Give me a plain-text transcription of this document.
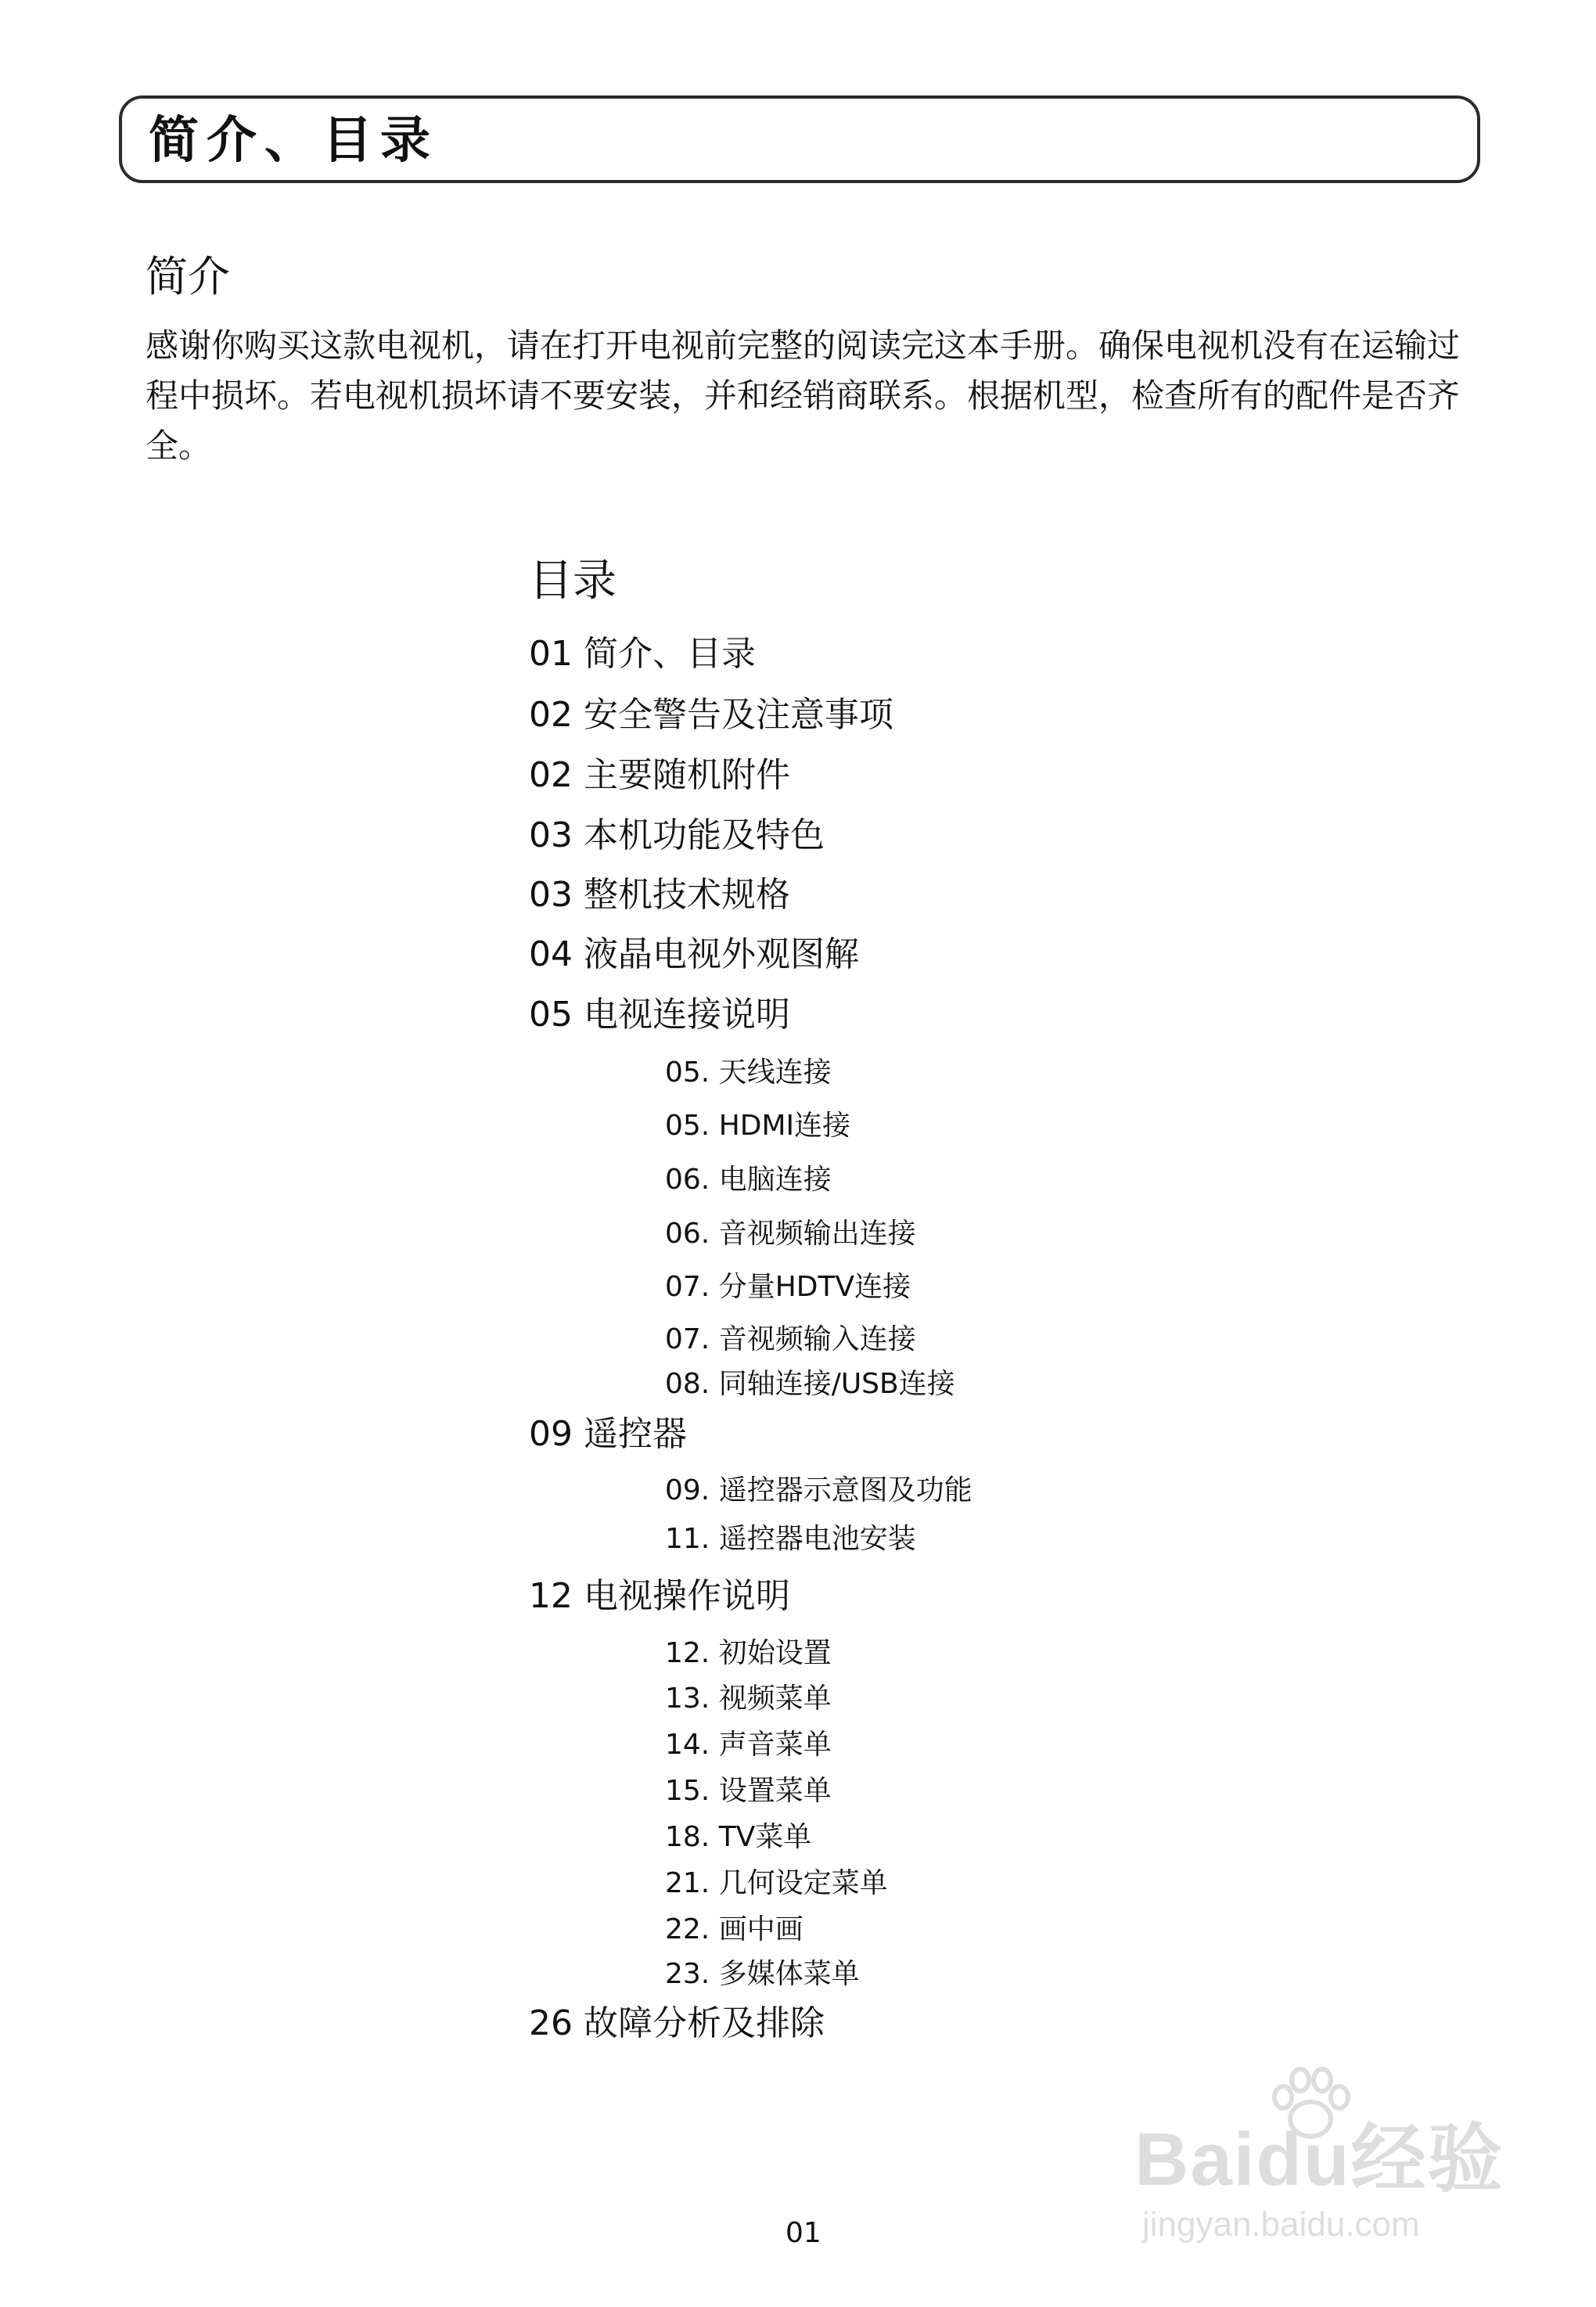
简介、目录
简介

感谢你购买这款电视机，请在打开电视前完整的阅读完这本手册。确保电视机没有在运输过程中损坏。若电视机损坏请不要安装，并和经销商联系。根据机型，检查所有的配件是否齐全。

目录
01 简介、目录
02 安全警告及注意事项
02 主要随机附件
03 本机功能及特色
03 整机技术规格
04 液晶电视外观图解
05 电视连接说明
05. 天线连接
05. HDMI连接
06. 电脑连接
06. 音视频输出连接
07. 分量HDTV连接
07. 音视频输入连接
08. 同轴连接/USB连接
09 遥控器
09. 遥控器示意图及功能
11. 遥控器电池安装
12 电视操作说明
12. 初始设置
13. 视频菜单
14. 声音菜单
15. 设置菜单
18. TV菜单
21. 几何设定菜单
22. 画中画
23. 多媒体菜单
26 故障分析及排除
01
Baidu经验
jingyan.baidu.com
